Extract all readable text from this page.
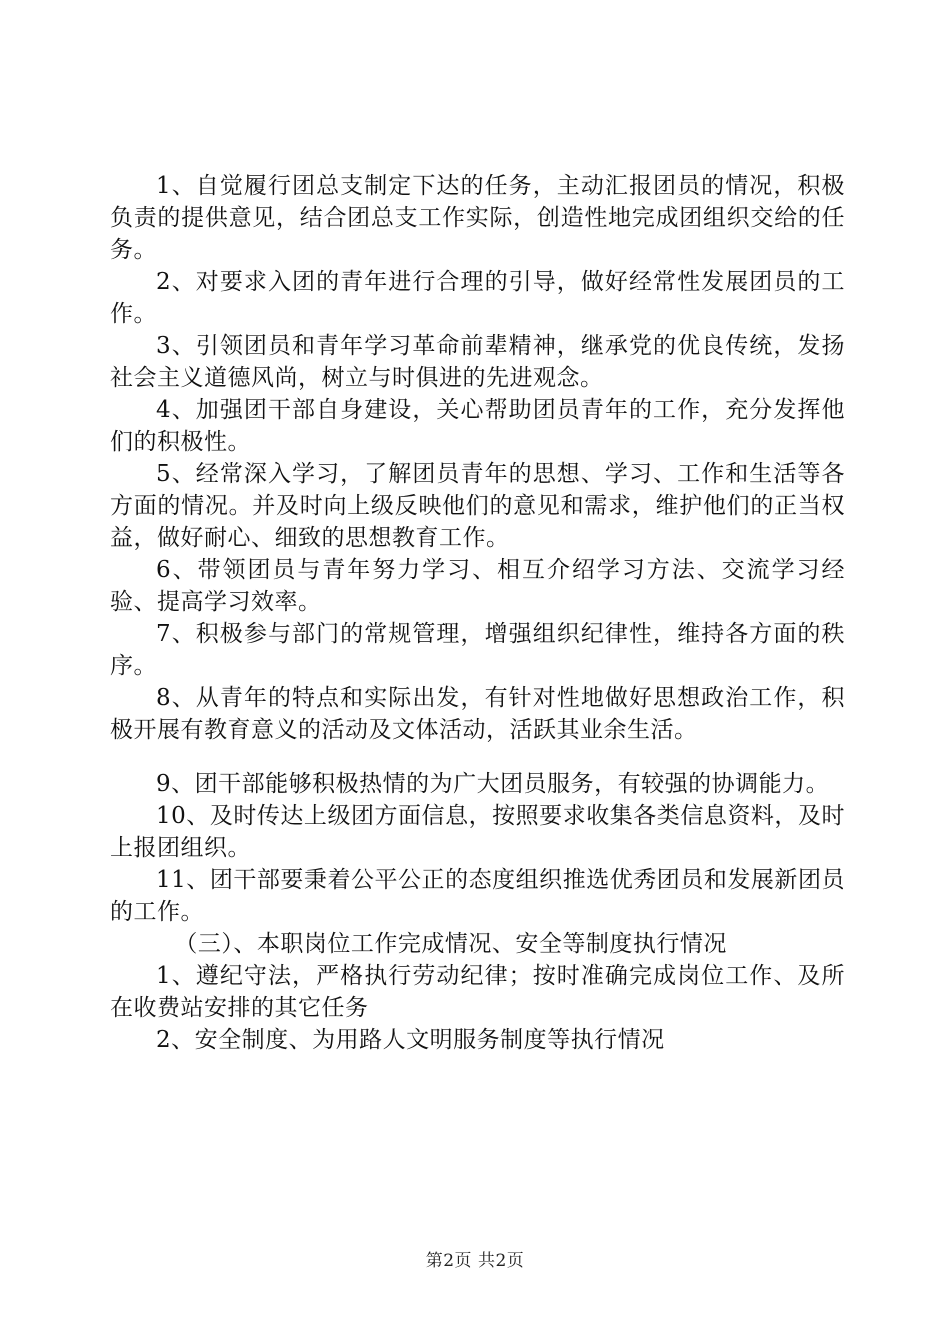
1、自觉履行团总支制定下达的任务，主动汇报团员的情况，积极负责的提供意见，结合团总支工作实际，创造性地完成团组织交给的任务。

2、对要求入团的青年进行合理的引导，做好经常性发展团员的工作。

3、引领团员和青年学习革命前辈精神，继承党的优良传统，发扬社会主义道德风尚，树立与时俱进的先进观念。

4、加强团干部自身建设，关心帮助团员青年的工作，充分发挥他们的积极性。

5、经常深入学习，了解团员青年的思想、学习、工作和生活等各方面的情况。并及时向上级反映他们的意见和需求，维护他们的正当权益，做好耐心、细致的思想教育工作。

6、带领团员与青年努力学习、相互介绍学习方法、交流学习经验、提高学习效率。

7、积极参与部门的常规管理，增强组织纪律性，维持各方面的秩序。

8、从青年的特点和实际出发，有针对性地做好思想政治工作，积极开展有教育意义的活动及文体活动，活跃其业余生活。

9、团干部能够积极热情的为广大团员服务，有较强的协调能力。

10、及时传达上级团方面信息，按照要求收集各类信息资料，及时上报团组织。

11、团干部要秉着公平公正的态度组织推选优秀团员和发展新团员的工作。

（三）、本职岗位工作完成情况、安全等制度执行情况

1、遵纪守法，严格执行劳动纪律；按时准确完成岗位工作、及所在收费站安排的其它任务

2、安全制度、为用路人文明服务制度等执行情况

第2页 共2页
